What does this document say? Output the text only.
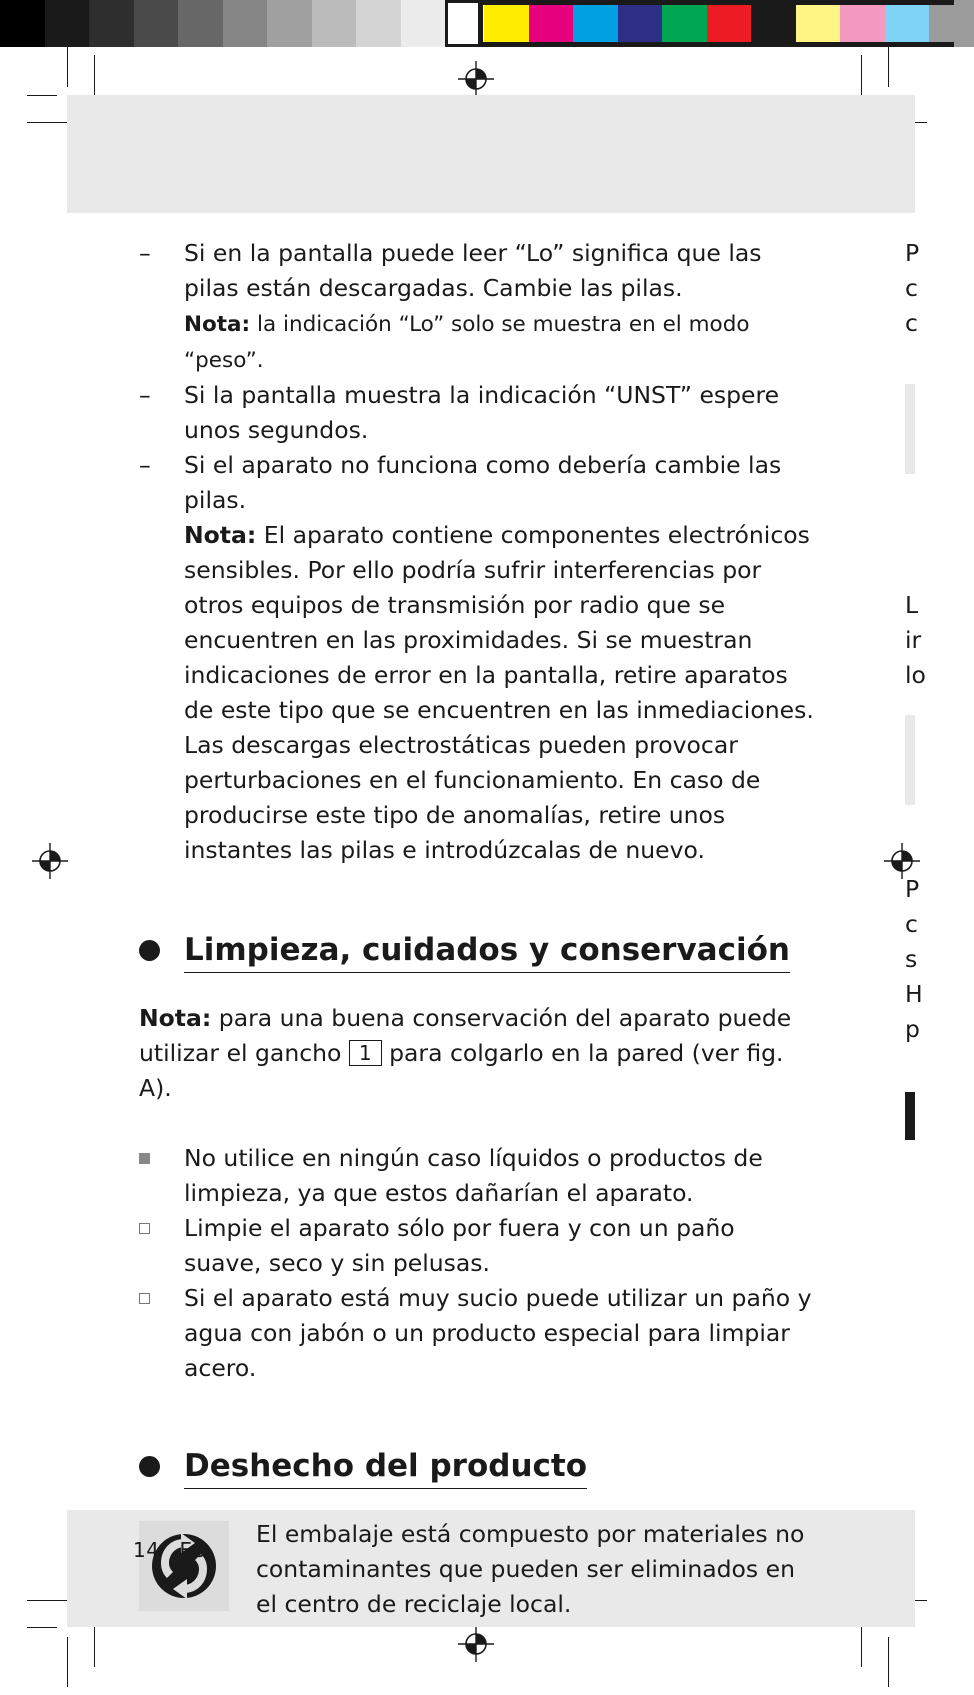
P
c
c
L
ir
lo
P
c
s
H
p
– Si en la pantalla puede leer “Lo” significa que las pilas están descargadas. Cambie las pilas.
Nota: la indicación “Lo” solo se muestra en el modo “peso”.
– Si la pantalla muestra la indicación “UNST” espere unos segundos.
– Si el aparato no funciona como debería cambie las pilas.
Nota: El aparato contiene componentes electrónicos sensibles. Por ello podría sufrir interferencias por otros equipos de transmisión por radio que se encuentren en las proximidades. Si se muestran indicaciones de error en la pantalla, retire aparatos de este tipo que se encuentren en las inmediaciones. Las descargas electrostáticas pueden provocar perturbaciones en el funcionamiento. En caso de producirse este tipo de anomalías, retire unos instantes las pilas e introdúzcalas de nuevo.
Limpieza, cuidados y conservación

Nota: para una buena conservación del aparato puede utilizar el gancho 1 para colgarlo en la pared (ver fig. A).

No utilice en ningún caso líquidos o productos de limpieza, ya que estos dañarían el aparato.
Limpie el aparato sólo por fuera y con un paño suave, seco y sin pelusas.
Si el aparato está muy sucio puede utilizar un paño y agua con jabón o un producto especial para limpiar acero.
Deshecho del producto
El embalaje está compuesto por materiales no contaminantes que pueden ser eliminados en el centro de reciclaje local.
14 ES
